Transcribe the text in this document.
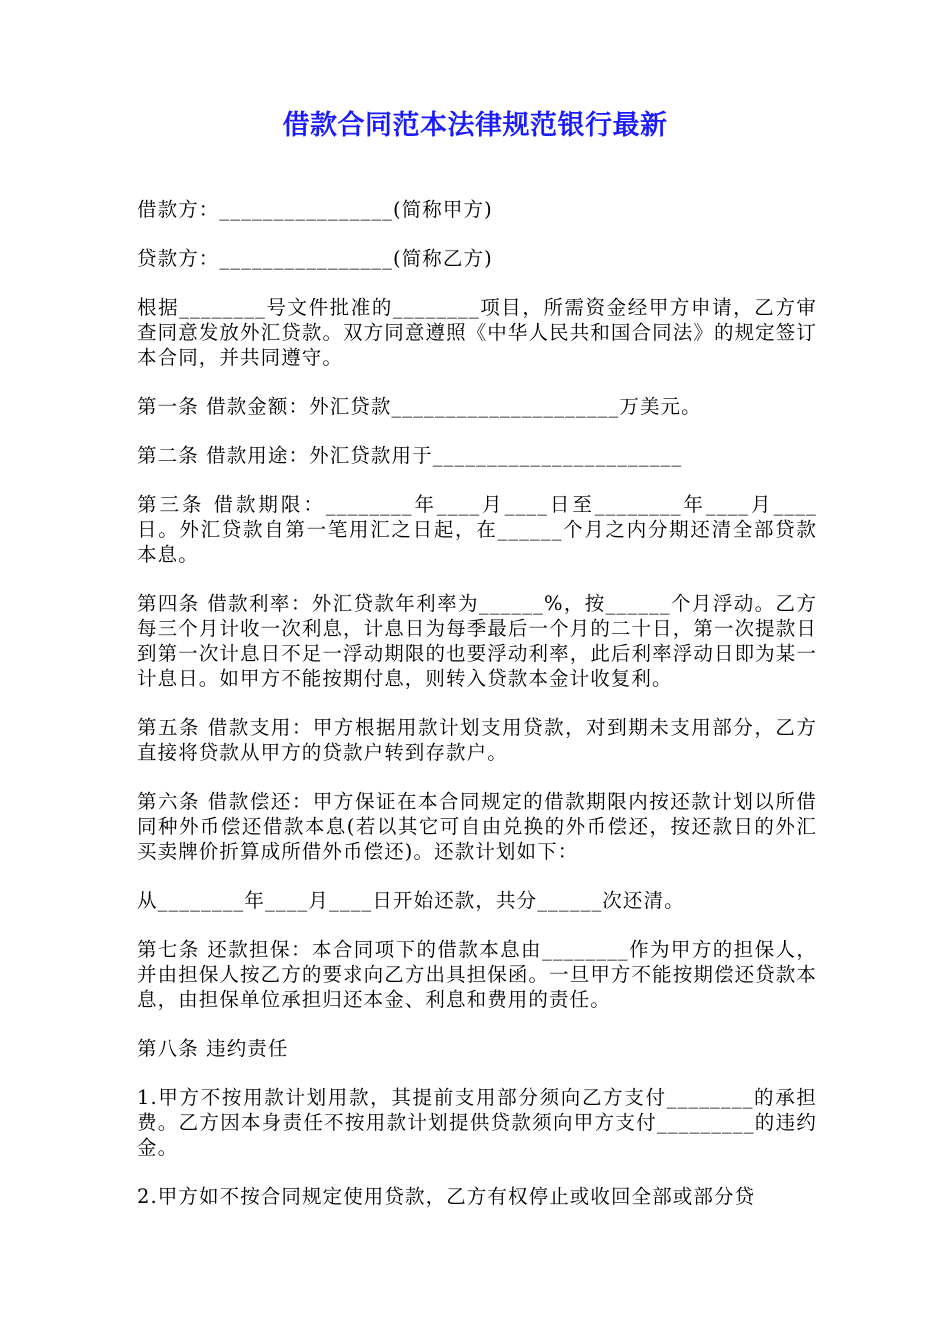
借款合同范本法律规范银行最新

借款方：________________(简称甲方)

贷款方：________________(简称乙方)

根据________号文件批准的________项目，所需资金经甲方申请，乙方审查同意发放外汇贷款。双方同意遵照《中华人民共和国合同法》的规定签订本合同，并共同遵守。

第一条 借款金额：外汇贷款_____________________万美元。

第二条 借款用途：外汇贷款用于_______________________

第三条 借款期限：________年____月____日至________年____月____日。外汇贷款自第一笔用汇之日起，在______个月之内分期还清全部贷款本息。

第四条 借款利率：外汇贷款年利率为______%，按______个月浮动。乙方每三个月计收一次利息，计息日为每季最后一个月的二十日，第一次提款日到第一次计息日不足一浮动期限的也要浮动利率，此后利率浮动日即为某一计息日。如甲方不能按期付息，则转入贷款本金计收复利。

第五条 借款支用：甲方根据用款计划支用贷款，对到期未支用部分，乙方直接将贷款从甲方的贷款户转到存款户。

第六条 借款偿还：甲方保证在本合同规定的借款期限内按还款计划以所借同种外币偿还借款本息(若以其它可自由兑换的外币偿还，按还款日的外汇买卖牌价折算成所借外币偿还)。还款计划如下：

从________年____月____日开始还款，共分______次还清。

第七条 还款担保：本合同项下的借款本息由________作为甲方的担保人，并由担保人按乙方的要求向乙方出具担保函。一旦甲方不能按期偿还贷款本息，由担保单位承担归还本金、利息和费用的责任。

第八条 违约责任

1.甲方不按用款计划用款，其提前支用部分须向乙方支付________的承担费。乙方因本身责任不按用款计划提供贷款须向甲方支付_________的违约金。

2.甲方如不按合同规定使用贷款，乙方有权停止或收回全部或部分贷
